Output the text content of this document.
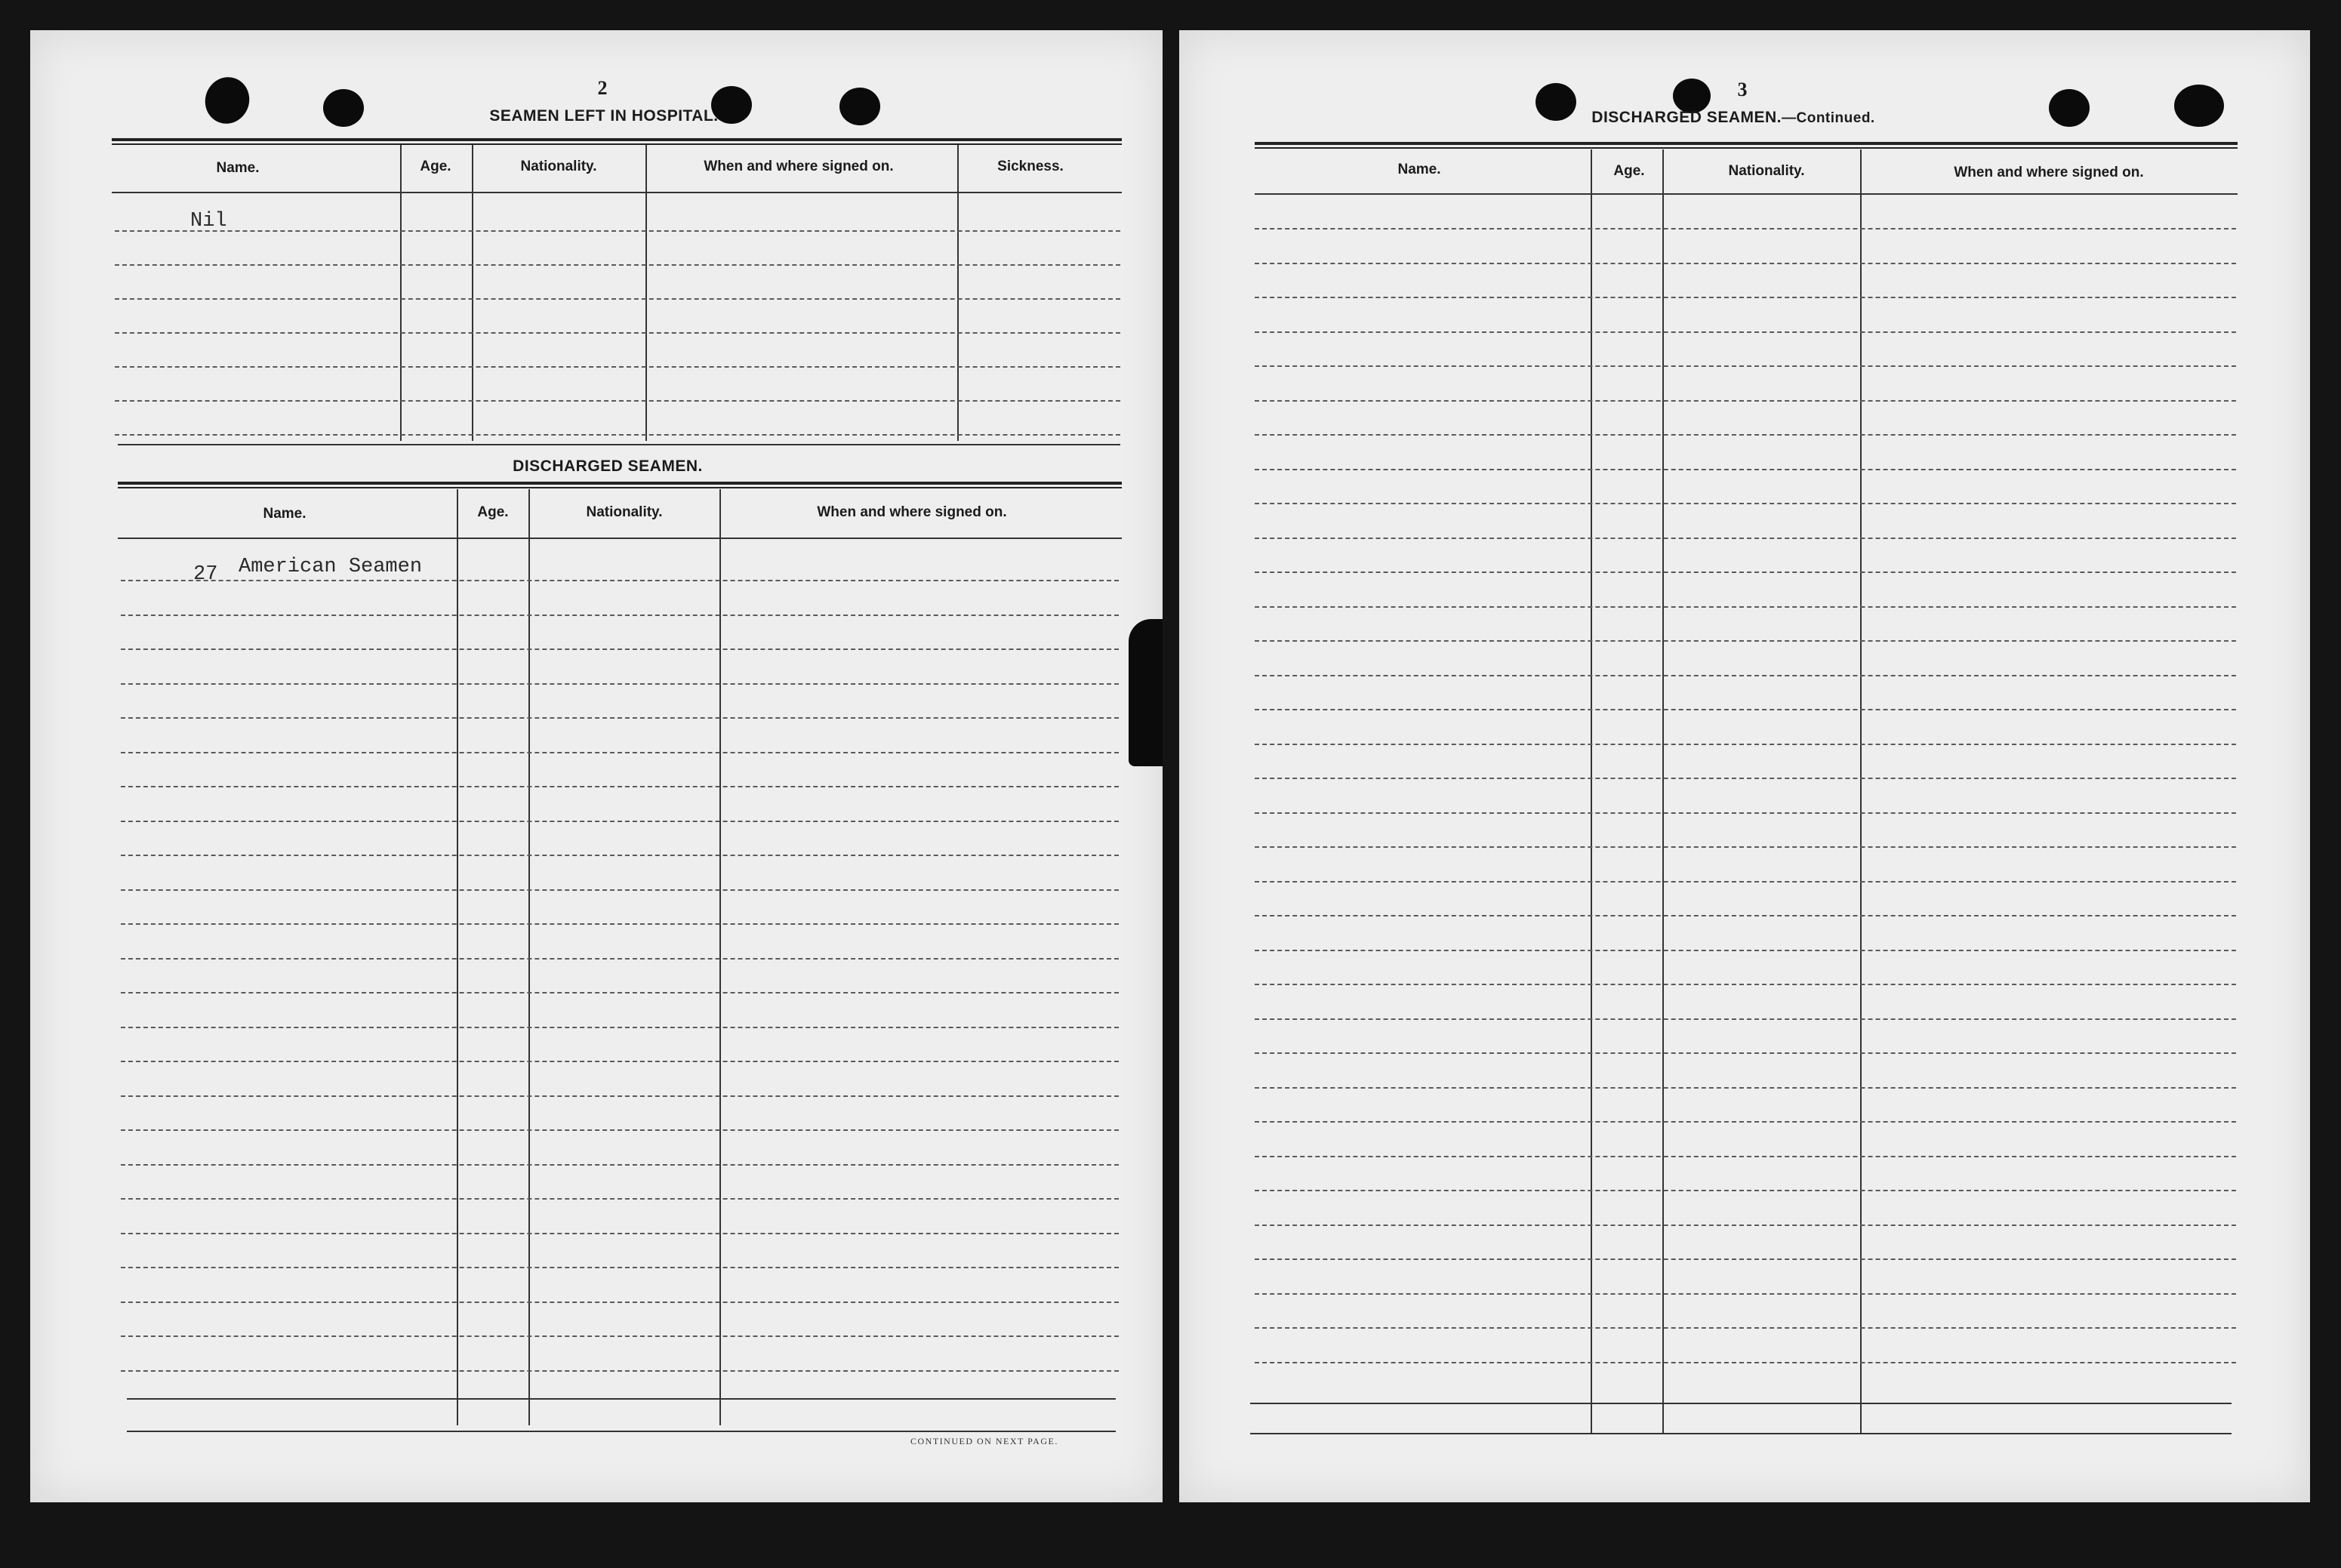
2
SEAMEN LEFT IN HOSPITAL.
Name.	Age.	Nationality.	When and where signed on.	Sickness.
Nil
DISCHARGED SEAMEN.
Name.	Age.	Nationality.	When and where signed on.
27 American Seamen
CONTINUED ON NEXT PAGE.
3
DISCHARGED SEAMEN.—Continued.
Name.	Age.	Nationality.	When and where signed on.
